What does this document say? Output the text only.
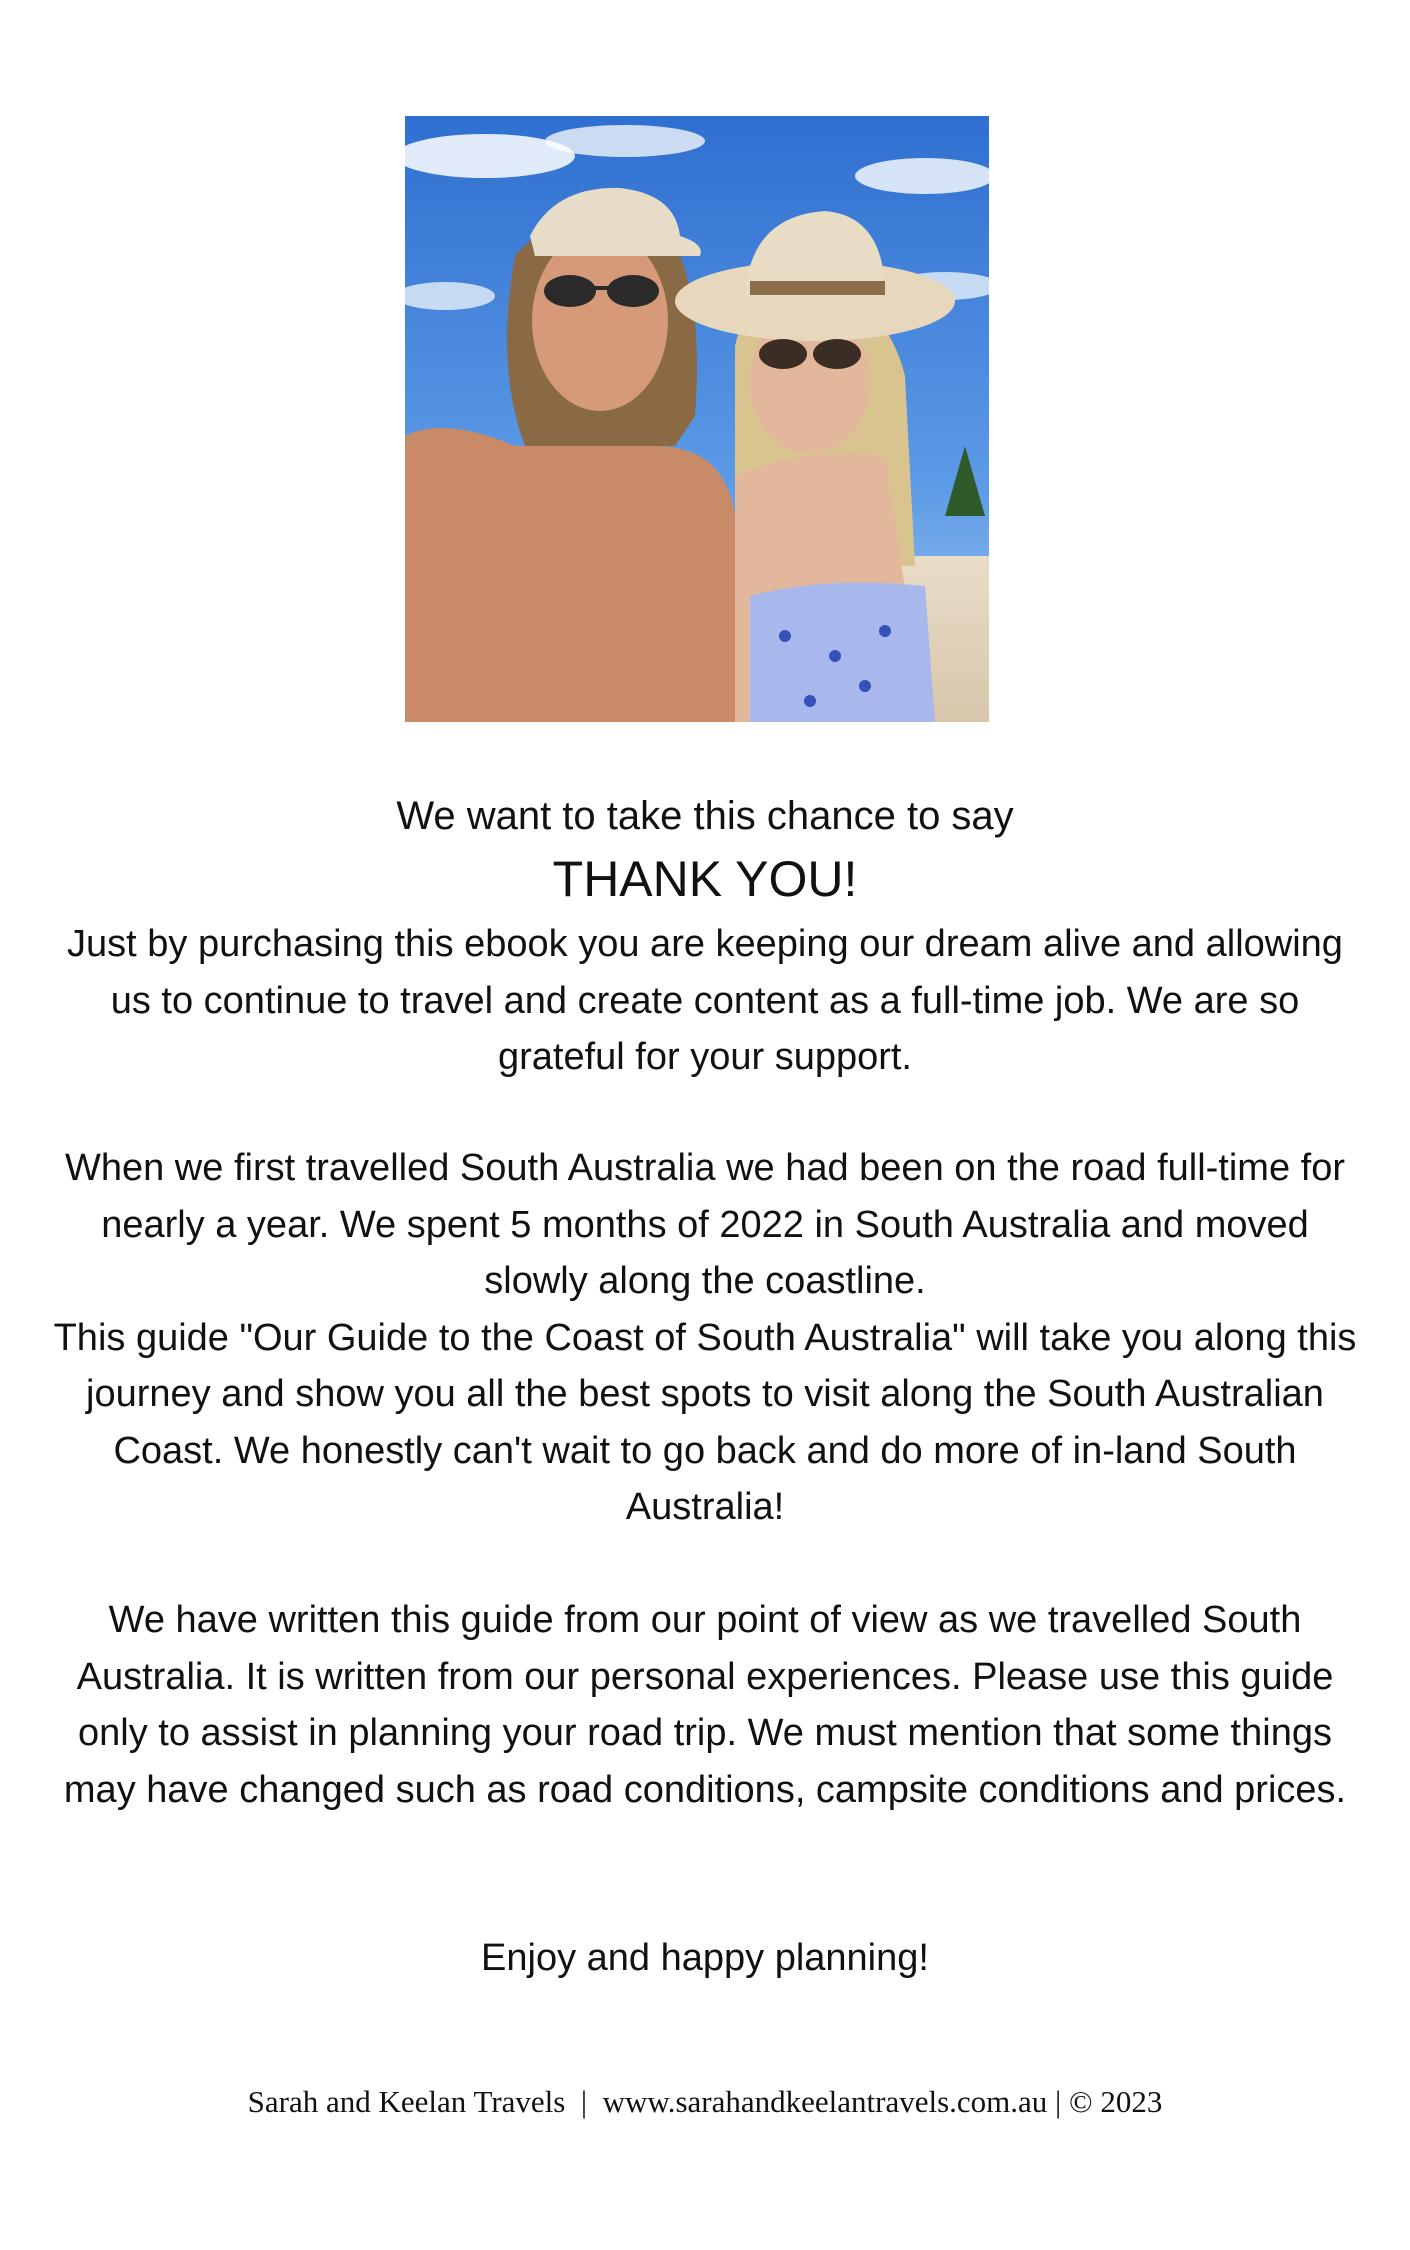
We want to take this chance to say
THANK YOU!
Just by purchasing this ebook you are keeping our dream alive and allowing us to continue to travel and create content as a full-time job. We are so grateful for your support.
When we first travelled South Australia we had been on the road full-time for nearly a year. We spent 5 months of 2022 in South Australia and moved slowly along the coastline.
This guide "Our Guide to the Coast of South Australia" will take you along this journey and show you all the best spots to visit along the South Australian Coast. We honestly can't wait to go back and do more of in-land South Australia!
We have written this guide from our point of view as we travelled South Australia. It is written from our personal experiences. Please use this guide only to assist in planning your road trip. We must mention that some things may have changed such as road conditions, campsite conditions and prices.
Enjoy and happy planning!
Sarah and Keelan Travels  |  www.sarahandkeelantravels.com.au | © 2023
